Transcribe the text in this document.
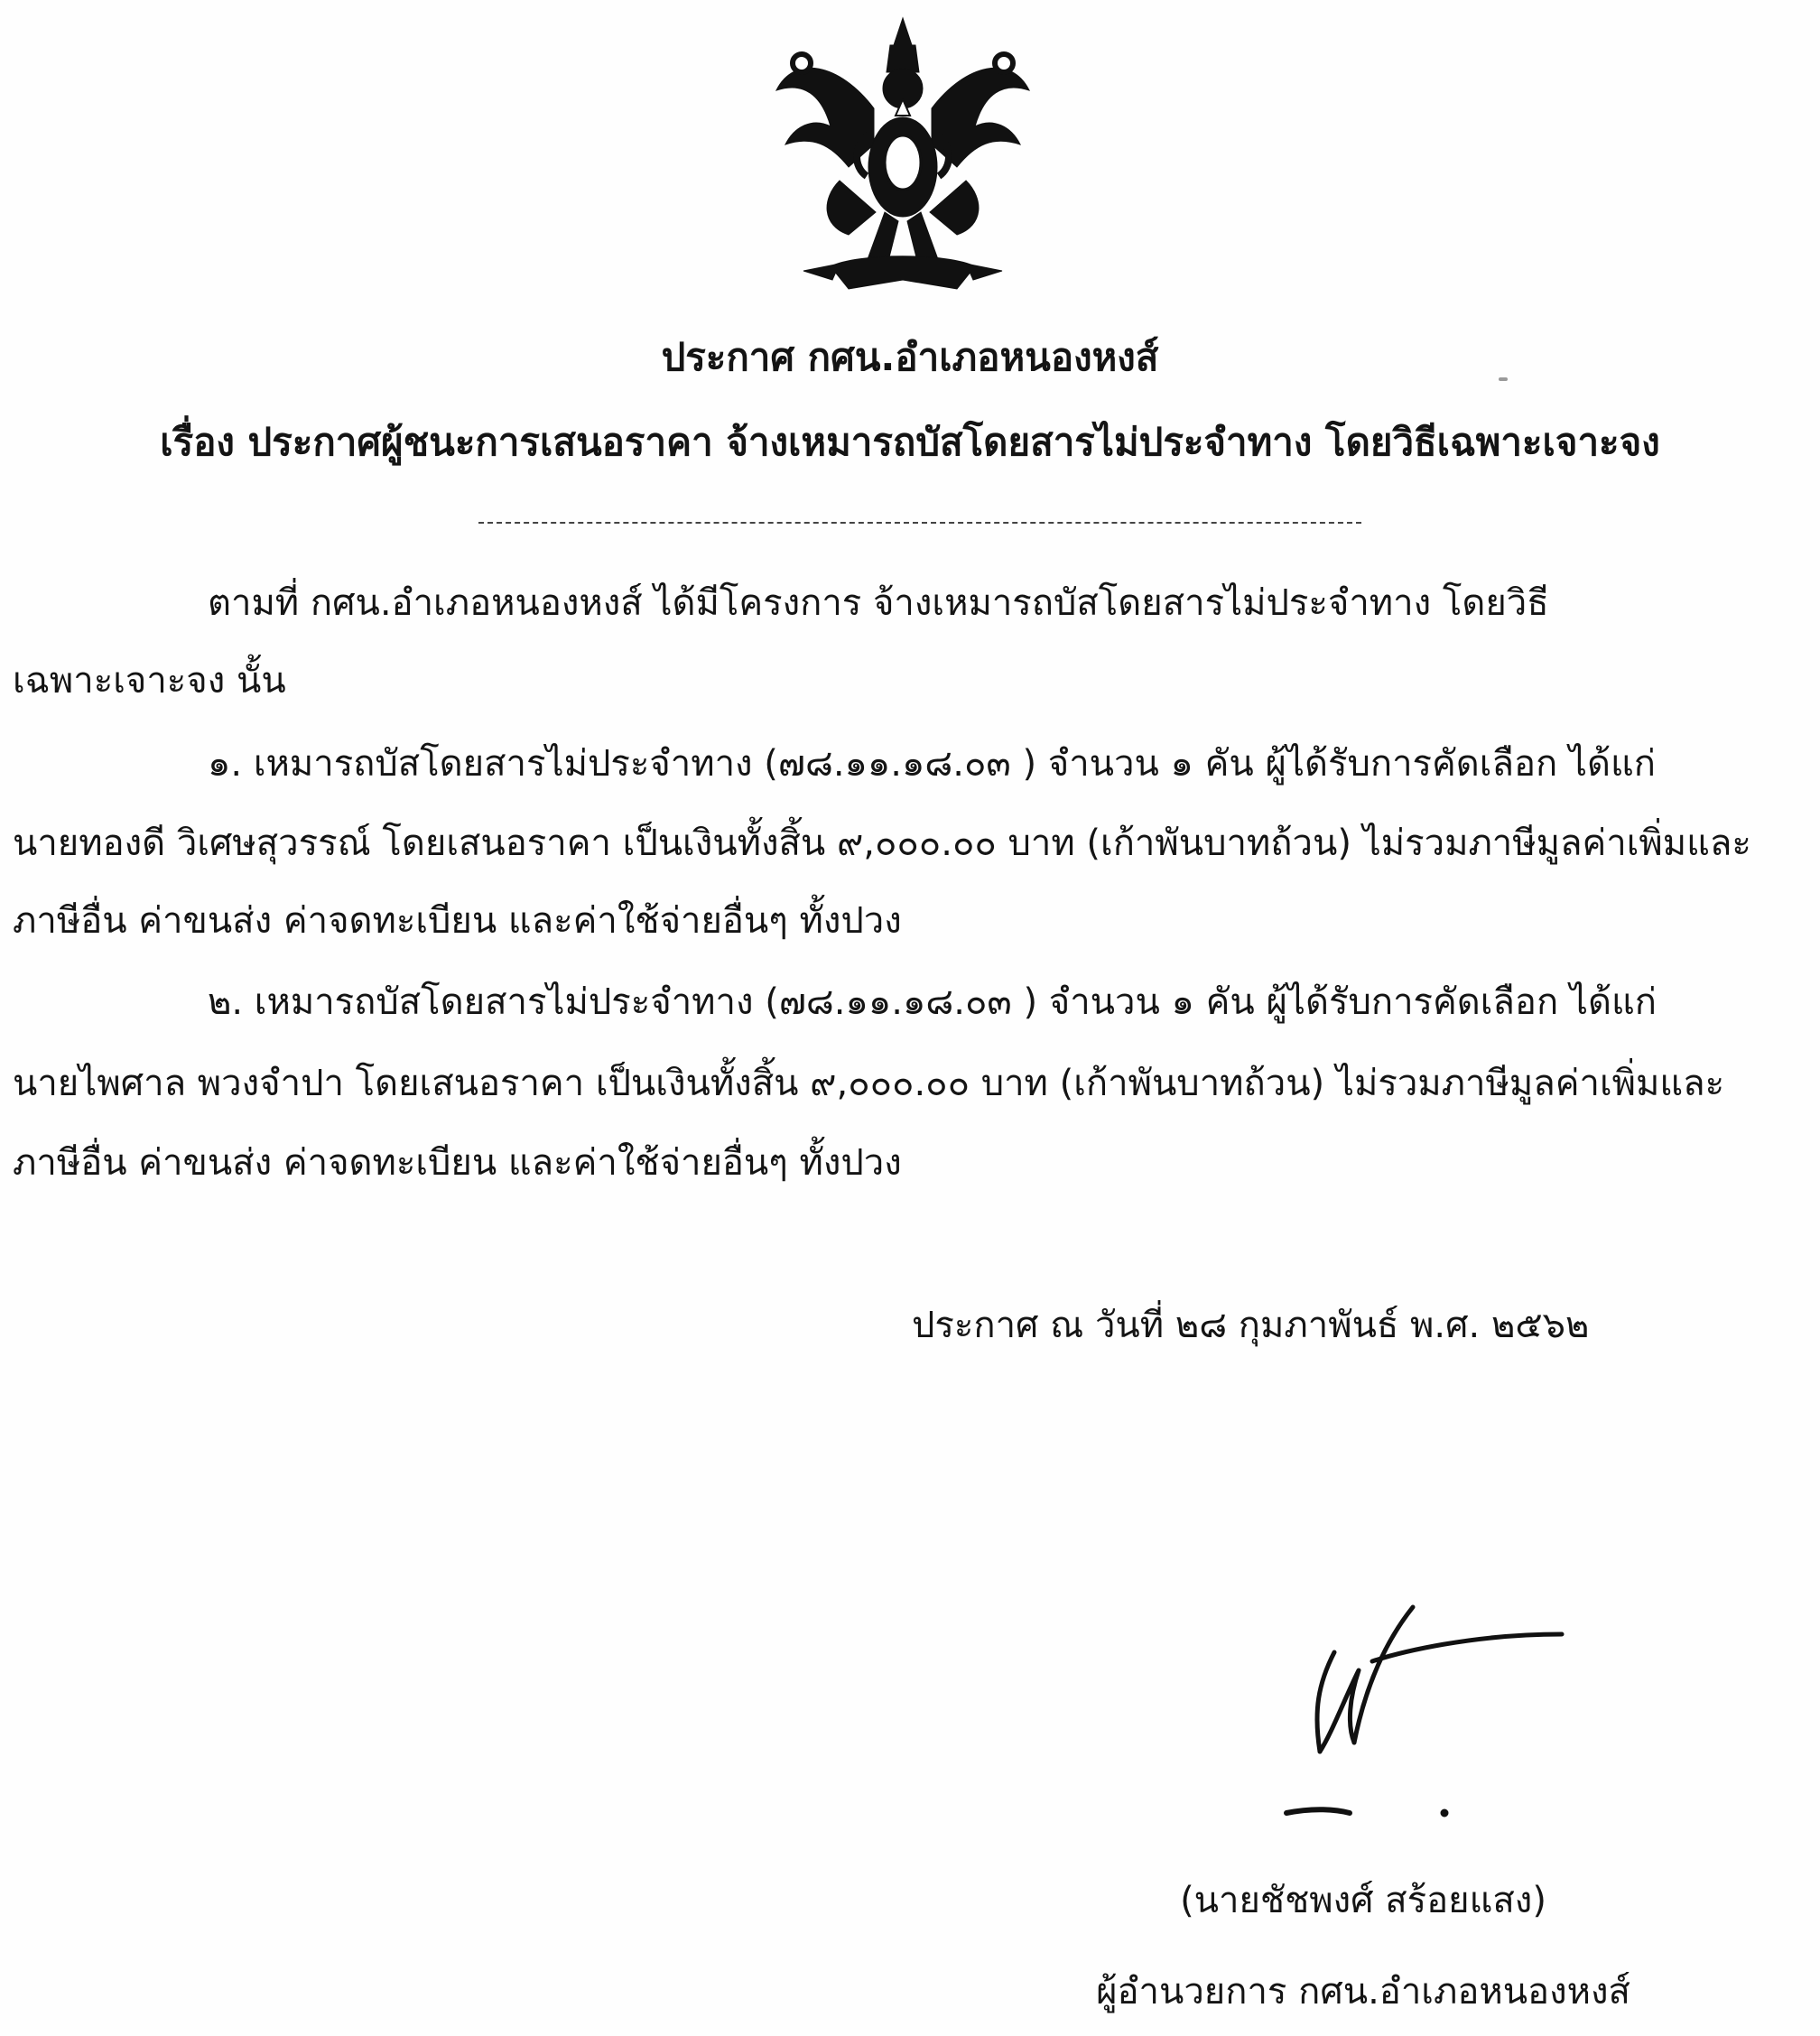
ประกาศ กศน.อำเภอหนองหงส์
เรื่อง ประกาศผู้ชนะการเสนอราคา จ้างเหมารถบัสโดยสารไม่ประจำทาง โดยวิธีเฉพาะเจาะจง
ตามที่ กศน.อำเภอหนองหงส์ ได้มีโครงการ จ้างเหมารถบัสโดยสารไม่ประจำทาง โดยวิธี
เฉพาะเจาะจง นั้น
๑. เหมารถบัสโดยสารไม่ประจำทาง (๗๘.๑๑.๑๘.๐๓ ) จำนวน ๑ คัน ผู้ได้รับการคัดเลือก ได้แก่
นายทองดี วิเศษสุวรรณ์ โดยเสนอราคา เป็นเงินทั้งสิ้น ๙,๐๐๐.๐๐ บาท (เก้าพันบาทถ้วน) ไม่รวมภาษีมูลค่าเพิ่มและ
ภาษีอื่น ค่าขนส่ง ค่าจดทะเบียน และค่าใช้จ่ายอื่นๆ ทั้งปวง
๒. เหมารถบัสโดยสารไม่ประจำทาง (๗๘.๑๑.๑๘.๐๓ ) จำนวน ๑ คัน ผู้ได้รับการคัดเลือก ได้แก่
นายไพศาล พวงจำปา โดยเสนอราคา เป็นเงินทั้งสิ้น ๙,๐๐๐.๐๐ บาท (เก้าพันบาทถ้วน) ไม่รวมภาษีมูลค่าเพิ่มและ
ภาษีอื่น ค่าขนส่ง ค่าจดทะเบียน และค่าใช้จ่ายอื่นๆ ทั้งปวง
ประกาศ ณ วันที่ ๒๘ กุมภาพันธ์ พ.ศ. ๒๕๖๒
(นายชัชพงศ์ สร้อยแสง)
ผู้อำนวยการ กศน.อำเภอหนองหงส์
